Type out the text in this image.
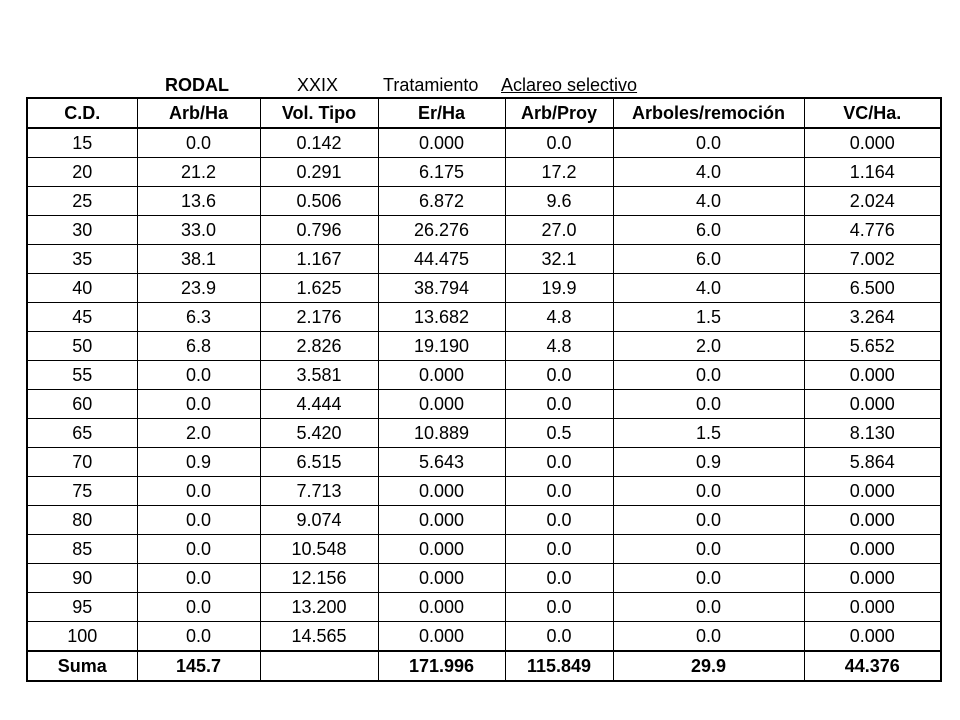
RODAL	XXIX Tratamiento Aclareo selectivo
C.D.	Arb/Ha	Vol. Tipo	Er/Ha	Arb/Proy	Arboles/remoción	VC/Ha.
15	0.0	0.142	0.000	0.0	0.0	0.000
20	21.2	0.291	6.175	17.2	4.0	1.164
25	13.6	0.506	6.872	9.6	4.0	2.024
30	33.0	0.796	26.276	27.0	6.0	4.776
35	38.1	1.167	44.475	32.1	6.0	7.002
40	23.9	1.625	38.794	19.9	4.0	6.500
45	6.3	2.176	13.682	4.8	1.5	3.264
50	6.8	2.826	19.190	4.8	2.0	5.652
55	0.0	3.581	0.000	0.0	0.0	0.000
60	0.0	4.444	0.000	0.0	0.0	0.000
65	2.0	5.420	10.889	0.5	1.5	8.130
70	0.9	6.515	5.643	0.0	0.9	5.864
75	0.0	7.713	0.000	0.0	0.0	0.000
80	0.0	9.074	0.000	0.0	0.0	0.000
85	0.0	10.548	0.000	0.0	0.0	0.000
90	0.0	12.156	0.000	0.0	0.0	0.000
95	0.0	13.200	0.000	0.0	0.0	0.000
100	0.0	14.565	0.000	0.0	0.0	0.000
Suma	145.7		171.996	115.849	29.9	44.376
